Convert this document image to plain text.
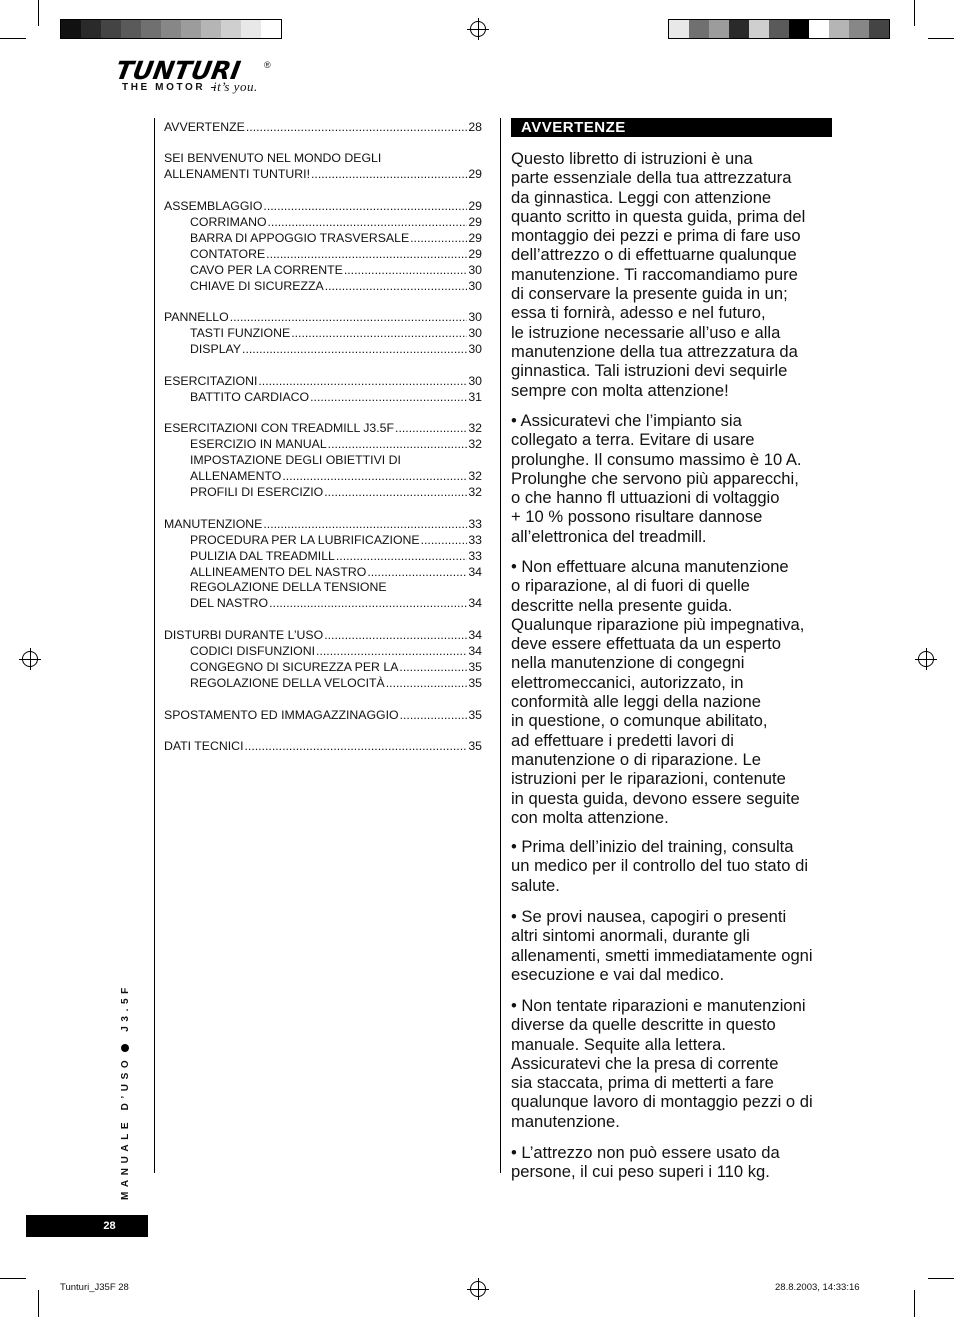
TUNTURI ®
THE MOTOR –
it’s you.
AVVERTENZE .....	28
SEI BENVENUTO NEL MONDO DEGLI
ALLENAMENTI TUNTURI! .....	29
ASSEMBLAGGIO .....	29
CORRIMANO .....	29
BARRA DI APPOGGIO TRASVERSALE .....	29
CONTATORE .....	29
CAVO PER LA CORRENTE .....	30
CHIAVE DI SICUREZZA .....	30
PANNELLO .....	30
TASTI FUNZIONE .....	30
DISPLAY .....	30
ESERCITAZIONI .....	30
BATTITO CARDIACO .....	31
ESERCITAZIONI CON TREADMILL J3.5F .....	32
ESERCIZIO IN MANUAL .....	32
IMPOSTAZIONE DEGLI OBIETTIVI DI
ALLENAMENTO .....	32
PROFILI DI ESERCIZIO .....	32
MANUTENZIONE .....	33
PROCEDURA PER LA LUBRIFICAZIONE .....	33
PULIZIA DAL TREADMILL .....	33
ALLINEAMENTO DEL NASTRO .....	34
REGOLAZIONE DELLA TENSIONE
DEL NASTRO .....	34
DISTURBI DURANTE L’USO .....	34
CODICI DISFUNZIONI .....	34
CONGEGNO DI SICUREZZA PER LA .....	35
REGOLAZIONE DELLA VELOCITÀ .....	35
SPOSTAMENTO ED IMMAGAZZINAGGIO .....	35
DATI TECNICI .....	35
AVVERTENZE
Questo libretto di istruzioni è una
parte essenziale della tua attrezzatura
da ginnastica. Leggi con attenzione
quanto scritto in questa guida, prima del
montaggio dei pezzi e prima di fare uso
dell’attrezzo o di effettuarne qualunque
manutenzione. Ti raccomandiamo pure
di conservare la presente guida in un;
essa ti fornirà, adesso e nel futuro,
le istruzione necessarie all’uso e alla
manutenzione della tua attrezzatura da
ginnastica. Tali istruzioni devi sequirle
sempre con molta attenzione!
• Assicuratevi che l’impianto sia
collegato a terra. Evitare di usare
prolunghe. Il consumo massimo è 10 A.
Prolunghe che servono più apparecchi,
o che hanno fl uttuazioni di voltaggio
+ 10 % possono risultare dannose
all’elettronica del treadmill.
• Non effettuare alcuna manutenzione
o riparazione, al di fuori di quelle
descritte nella presente guida.
Qualunque riparazione più impegnativa,
deve essere effettuata da un esperto
nella manutenzione di congegni
elettromeccanici, autorizzato, in
conformità alle leggi della nazione
in questione, o comunque abilitato,
ad effettuare i predetti lavori di
manutenzione o di riparazione. Le
istruzioni per le riparazioni, contenute
in questa guida, devono essere seguite
con molta attenzione.
• Prima dell’inizio del training, consulta
un medico per il controllo del tuo stato di
salute.
• Se provi nausea, capogiri o presenti
altri sintomi anormali, durante gli
allenamenti, smetti immediatamente ogni
esecuzione e vai dal medico.
• Non tentate riparazioni e manutenzioni
diverse da quelle descritte in questo
manuale. Sequite alla lettera.
Assicuratevi che la presa di corrente
sia staccata, prima di metterti a fare
qualunque lavoro di montaggio pezzi o di
manutenzione.
• L’attrezzo non può essere usato da
persone, il cui peso superi i 110 kg.
MANUALE D’USOJ3.5F
28
Tunturi_J35F 28	28.8.2003, 14:33:16
